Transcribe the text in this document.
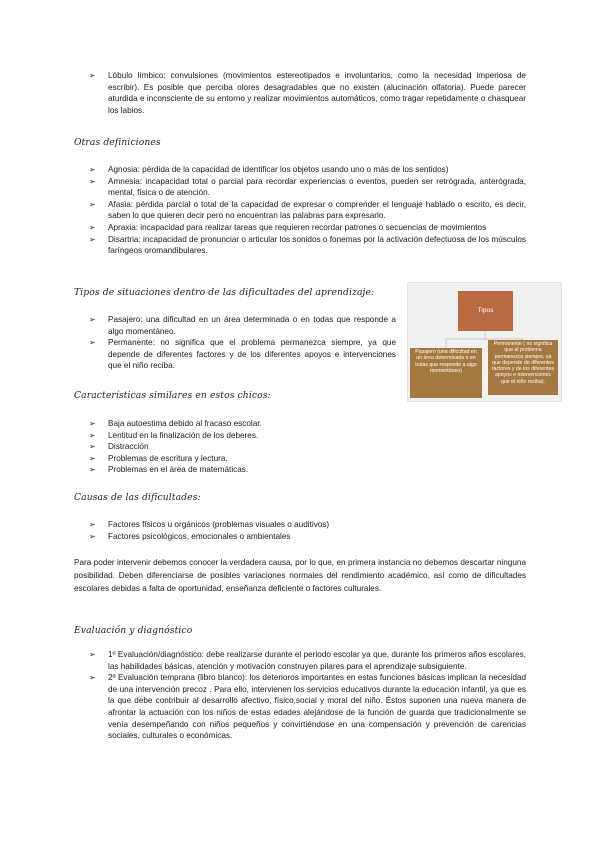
➢ Lóbulo límbico: convulsiones (movimientos estereotipados e involuntarios, como la necesidad imperiosa de escribir). Es posible que perciba olores desagradables que no existen (alucinación olfatoria). Puede parecer aturdida e inconsciente de su entorno y realizar movimientos automáticos, como tragar repetidamente o chasquear los labios.
Otras definiciones
➢ Agnosia: pérdida de la capacidad de identificar los objetos usando uno o más de los sentidos)
➢ Amnesia: incapacidad total o parcial para recordar experiencias o eventos, pueden ser retrógrada, anterógrada, mental, física o de atención.
➢ Afasia: pérdida parcial o total de la capacidad de expresar o comprender el lenguaje hablado o escrito, es decir, saben lo que quieren decir pero no encuentran las palabras para expresarlo.
➢ Apraxia: incapacidad para realizar tareas que requieren recordar patrones o secuencias de movimientos
➢ Disartria: incapacidad de pronunciar o articular los sonidos o fonemas por la activación defectuosa de los músculos faríngeos oromandibulares.
Tipos de situaciones dentro de las dificultades del aprendizaje:
➢ Pasajero: una dificultad en un área determinada o en todas que responde a algo momentáneo.
➢ Permanente: no significa que el problema permanezca siempre, ya que depende de diferentes factores y de los diferentes apoyos e intervenciones que el niño reciba.
Tipos
Pasajero (una dificultad en un área determinada o en todas que responde a algo momentáneo)
Permanente ( no significa que el problema permanezca siempre, ya que depende de diferentes factores y de los diferentes apoyos e intervenciones que el niño reciba).
Características similares en estos chicos:
➢ Baja autoestima debido al fracaso escolar.
➢ Lentitud en la finalización de los deberes.
➢ Distracción
➢ Problemas de escritura y lectura.
➢ Problemas en el área de matemáticas.
Causas de las dificultades:
➢ Factores físicos u orgánicos (problemas visuales o auditivos)
➢ Factores psicológicos, emocionales o ambientales

Para poder intervenir debemos conocer la verdadera causa, por lo que, en primera instancia no debemos descartar ninguna posibilidad. Deben diferenciarse de posibles variaciones normales del rendimiento académico, así como de dificultades escolares debidas a falta de oportunidad, enseñanza deficiente o factores culturales.

Evaluación y diagnóstico
➢ 1º Evaluación/diagnóstico: debe realizarse durante el periodo escolar ya que, durante los primeros años escolares, las habilidades básicas, atención y motivación construyen pilares para el aprendizaje subsiguiente.
➢ 2º Evaluación temprana (libro blanco): los deterioros importantes en estas funciones básicas implican la necesidad de una intervención precoz . Para ello, intervienen los servicios educativos durante la educación infantil, ya que es la que debe contribuir al desarrollo afectivo, físico,social y moral del niño. Éstos suponen una nueva manera de afrontar la actuación con los niños de estas edades alejándose de la función de guarda que tradicionalmente se venía desempeñando con niños pequeños y convirtiéndose en una compensación y prevención de carencias sociales, culturales o económicas.
